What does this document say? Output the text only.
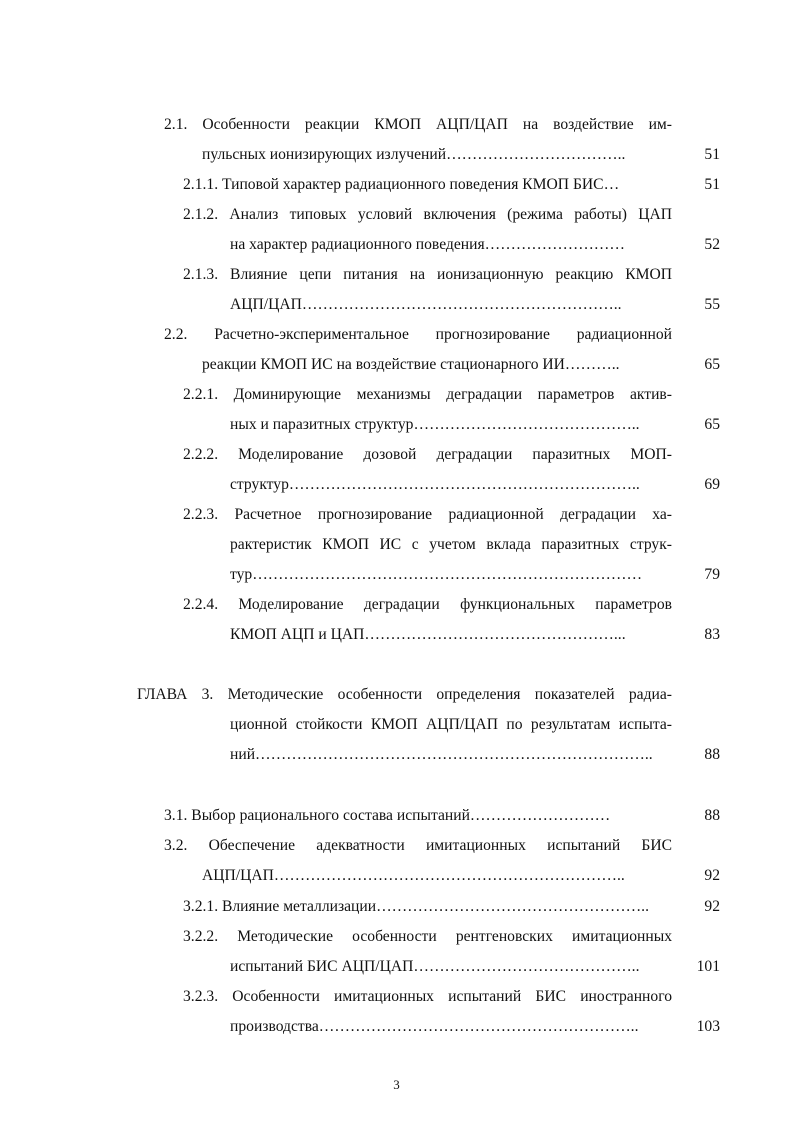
2.1. Особенности реакции КМОП АЦП/ЦАП на воздействие им-
пульсных ионизирующих излучений……………………………..	51
2.1.1. Типовой характер радиационного поведения КМОП БИС…	51
2.1.2. Анализ типовых условий включения (режима работы) ЦАП
на характер радиационного поведения………………………	52
2.1.3. Влияние цепи питания на ионизационную реакцию КМОП
АЦП/ЦАП……………………………………………………..	55
2.2. Расчетно-экспериментальное прогнозирование радиационной
реакции КМОП ИС на воздействие стационарного ИИ………..	65
2.2.1. Доминирующие механизмы деградации параметров актив-
ных и паразитных структур……………………………………..	65
2.2.2. Моделирование дозовой деградации паразитных МОП-
структур…………………………………………………………..	69
2.2.3. Расчетное прогнозирование радиационной деградации ха-
рактеристик КМОП ИС с учетом вклада паразитных струк-
тур…………………………………………………………………	79
2.2.4. Моделирование деградации функциональных параметров
КМОП АЦП и ЦАП…………………………………………...	83
ГЛАВА 3. Методические особенности определения показателей радиа-
ционной стойкости КМОП АЦП/ЦАП по результатам испыта-
ний…………………………………………………………………..	88
3.1. Выбор рационального состава испытаний………………………	88
3.2. Обеспечение адекватности имитационных испытаний БИС
АЦП/ЦАП…………………………………………………………..	92
3.2.1. Влияние металлизации……………………………………………..	92
3.2.2. Методические особенности рентгеновских имитационных
испытаний БИС АЦП/ЦАП……………………………………..	101
3.2.3. Особенности имитационных испытаний БИС иностранного
производства……………………………………………………..	103
3
